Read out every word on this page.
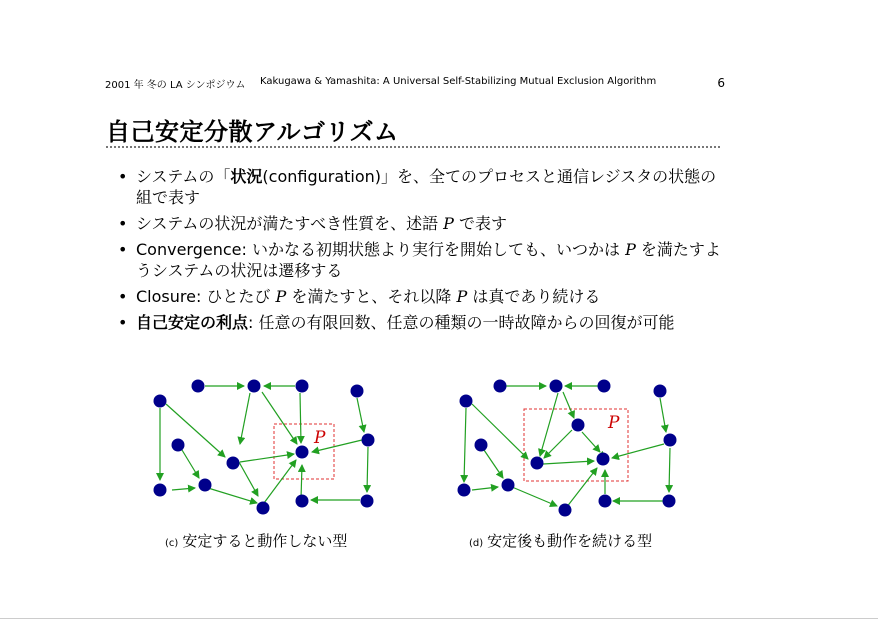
2001 年 冬の LA シンポジウム Kakugawa & Yamashita: A Universal Self-Stabilizing Mutual Exclusion Algorithm	6
自己安定分散アルゴリズム
• システムの「状況(configuration)」を、全てのプロセスと通信レジスタの状態の組で表す
• システムの状況が満たすべき性質を、述語 P で表す
• Convergence: いかなる初期状態より実行を開始しても、いつかは P を満たすようシステムの状況は遷移する
• Closure: ひとたび P を満たすと、それ以降 P は真であり続ける
• 自己安定の利点: 任意の有限回数、任意の種類の一時故障からの回復が可能
P
P
(c) 安定すると動作しない型	(d) 安定後も動作を続ける型
